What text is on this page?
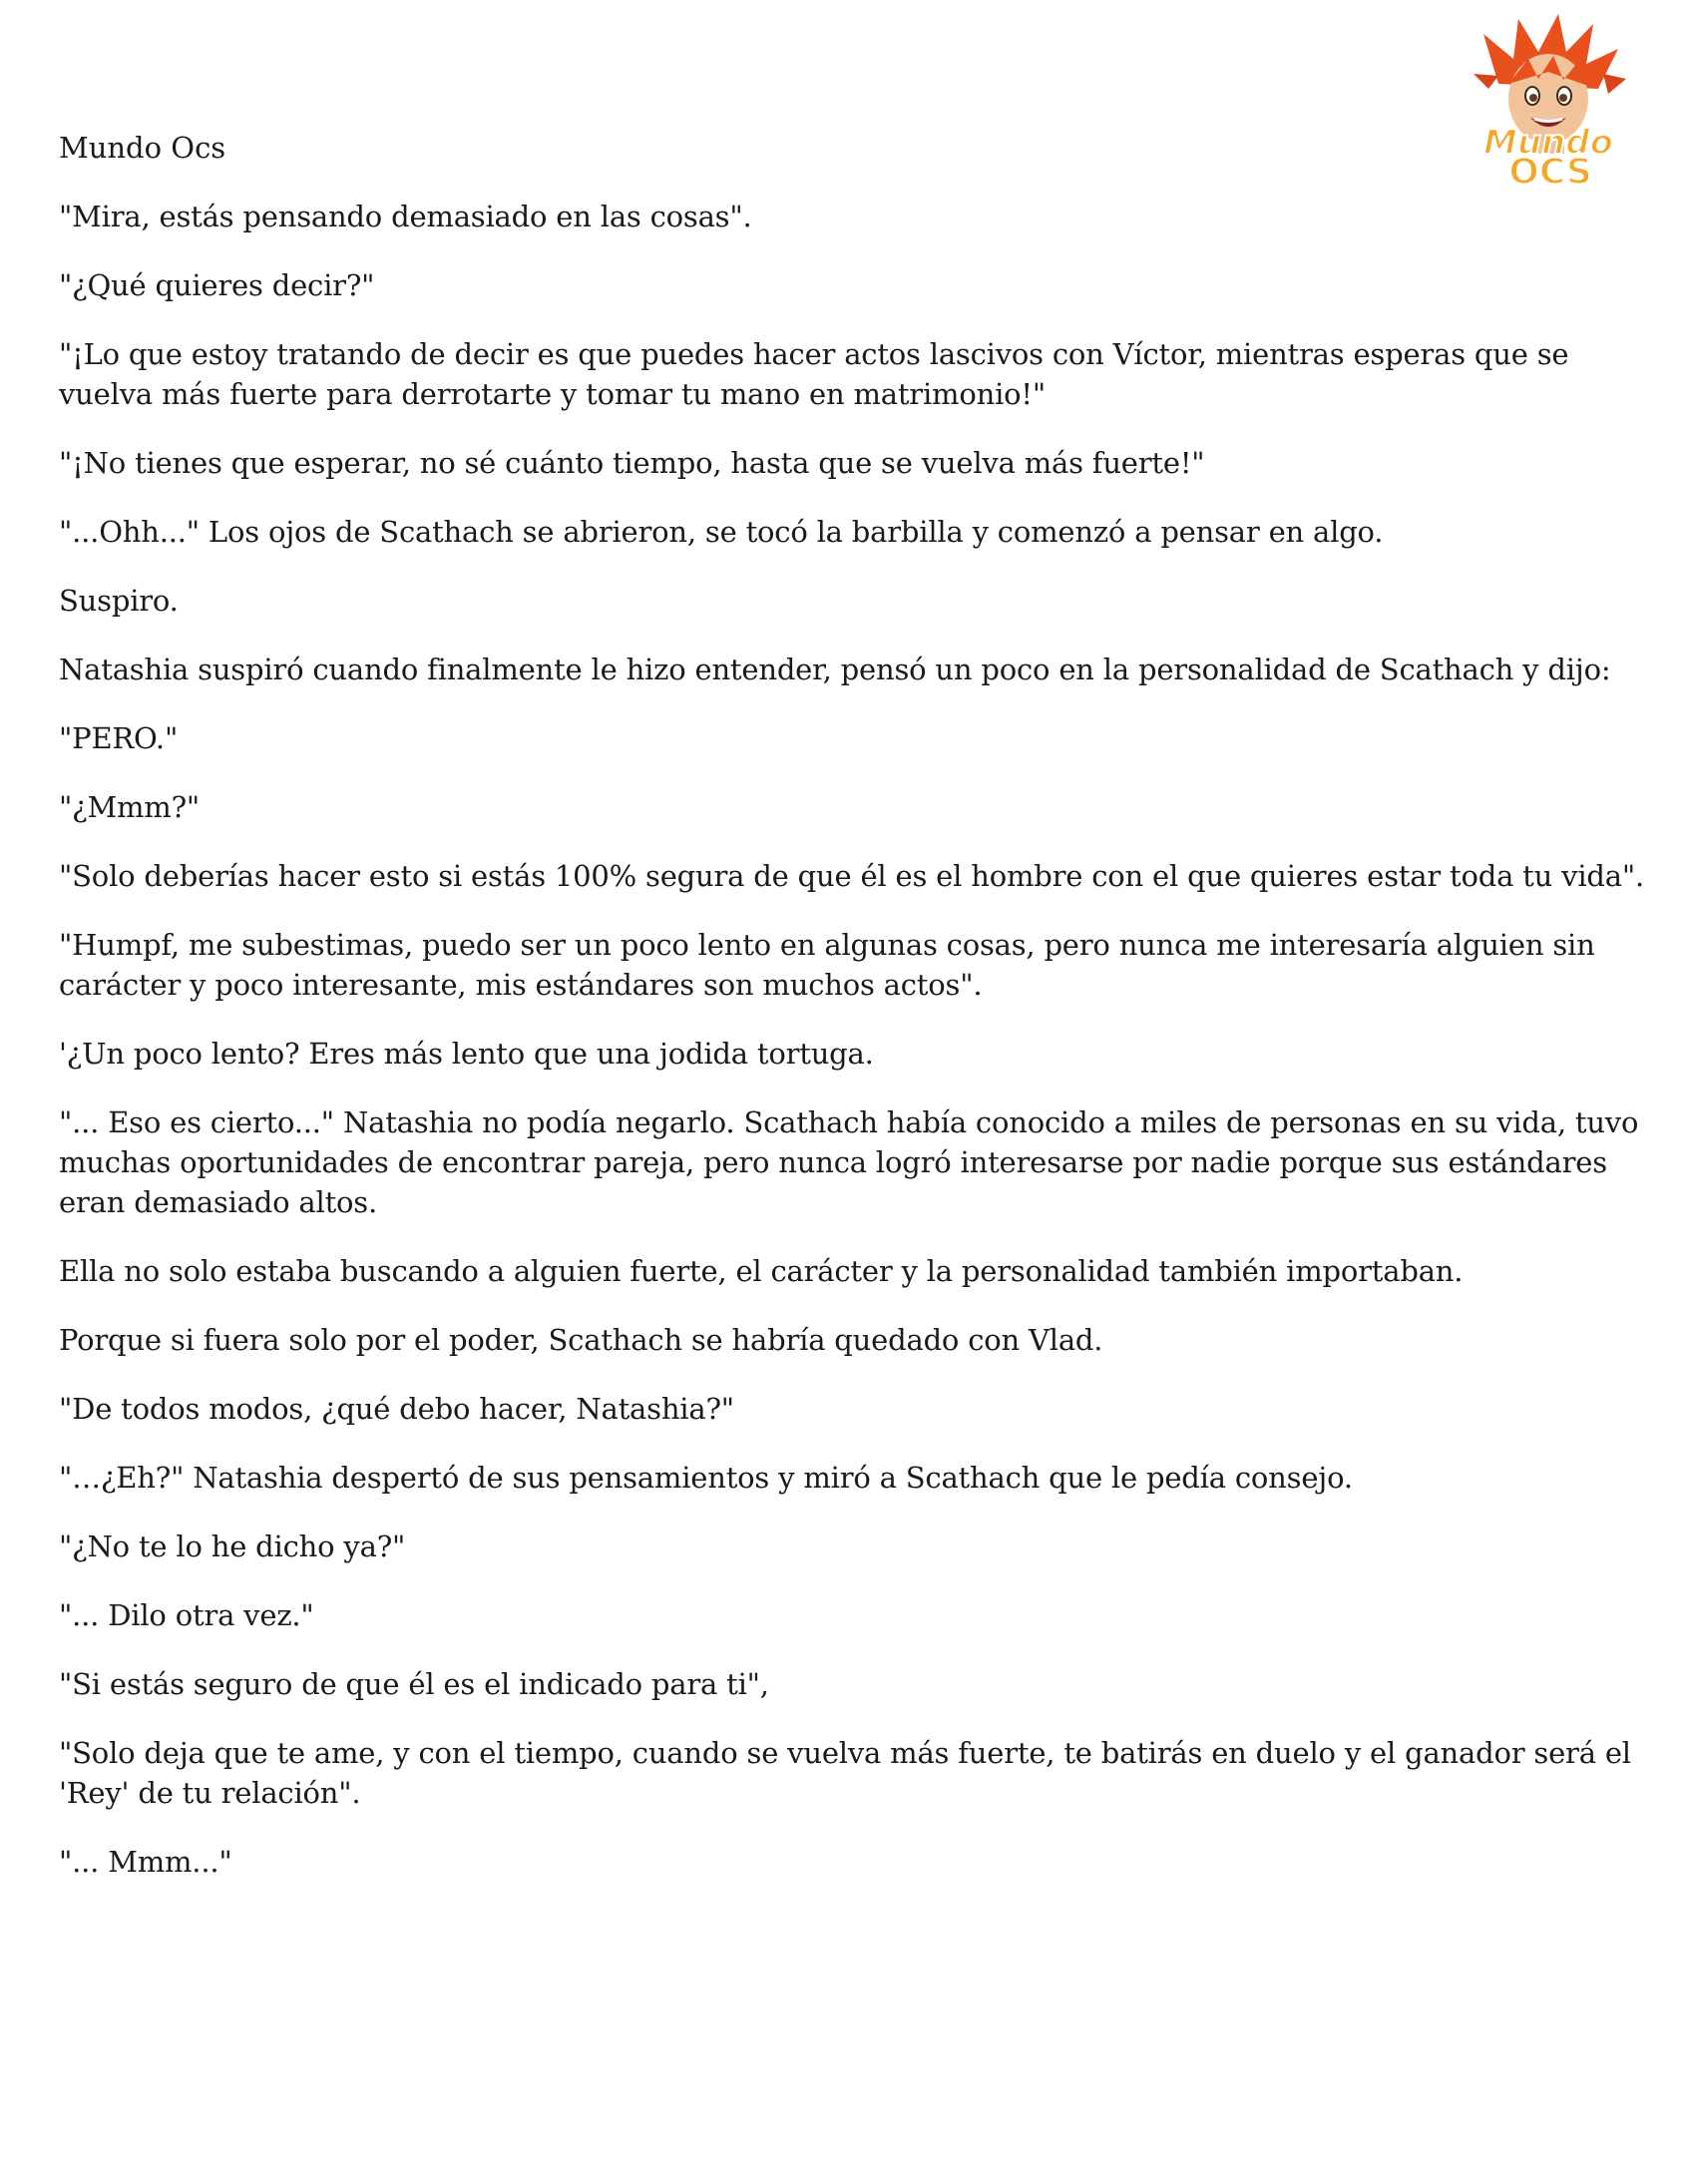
Mundo
OCS

Mundo Ocs

"Mira, estás pensando demasiado en las cosas".

"¿Qué quieres decir?"

"¡Lo que estoy tratando de decir es que puedes hacer actos lascivos con Víctor, mientras esperas que se vuelva más fuerte para derrotarte y tomar tu mano en matrimonio!"

"¡No tienes que esperar, no sé cuánto tiempo, hasta que se vuelva más fuerte!"

"...Ohh..." Los ojos de Scathach se abrieron, se tocó la barbilla y comenzó a pensar en algo.

Suspiro.

Natashia suspiró cuando finalmente le hizo entender, pensó un poco en la personalidad de Scathach y dijo:

"PERO."

"¿Mmm?"

"Solo deberías hacer esto si estás 100% segura de que él es el hombre con el que quieres estar toda tu vida".

"Humpf, me subestimas, puedo ser un poco lento en algunas cosas, pero nunca me interesaría alguien sin carácter y poco interesante, mis estándares son muchos actos".

'¿Un poco lento? Eres más lento que una jodida tortuga.

"... Eso es cierto..." Natashia no podía negarlo. Scathach había conocido a miles de personas en su vida, tuvo muchas oportunidades de encontrar pareja, pero nunca logró interesarse por nadie porque sus estándares eran demasiado altos.

Ella no solo estaba buscando a alguien fuerte, el carácter y la personalidad también importaban.

Porque si fuera solo por el poder, Scathach se habría quedado con Vlad.

"De todos modos, ¿qué debo hacer, Natashia?"

"…¿Eh?" Natashia despertó de sus pensamientos y miró a Scathach que le pedía consejo.

"¿No te lo he dicho ya?"

"... Dilo otra vez."

"Si estás seguro de que él es el indicado para ti",

"Solo deja que te ame, y con el tiempo, cuando se vuelva más fuerte, te batirás en duelo y el ganador será el 'Rey' de tu relación".

"... Mmm..."
